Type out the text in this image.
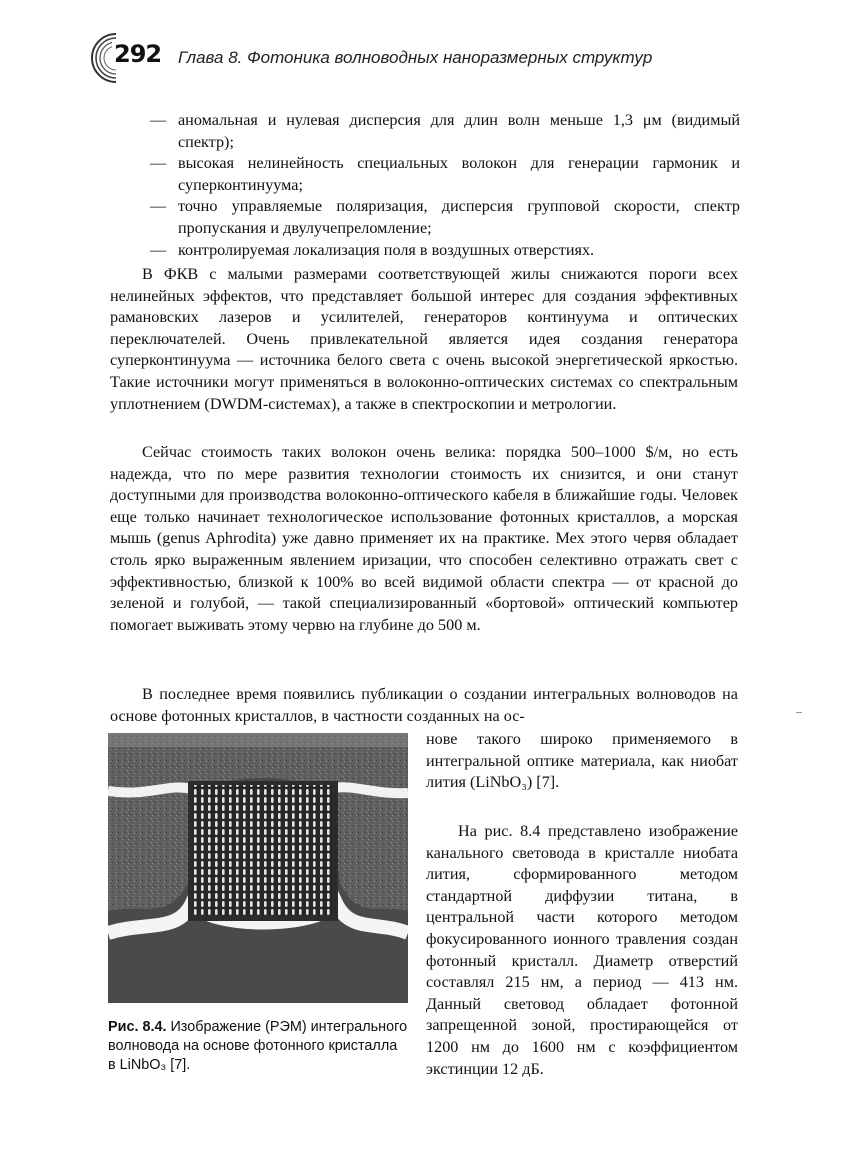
292 Глава 8. Фотоника волноводных наноразмерных структур
— аномальная и нулевая дисперсия для длин волн меньше 1,3 μм (видимый спектр);
— высокая нелинейность специальных волокон для генерации гармоник и суперконтинуума;
— точно управляемые поляризация, дисперсия групповой скорости, спектр пропускания и двулучепреломление;
— контролируемая локализация поля в воздушных отверстиях.
В ФКВ с малыми размерами соответствующей жилы снижаются пороги всех нелинейных эффектов, что представляет большой интерес для создания эффективных рамановских лазеров и усилителей, генераторов континуума и оптических переключателей. Очень привлекательной является идея создания генератора суперконтинуума — источника белого света с очень высокой энергетической яркостью. Такие источники могут применяться в волоконно-оптических системах со спектральным уплотнением (DWDM-системах), а также в спектроскопии и метрологии.
Сейчас стоимость таких волокон очень велика: порядка 500–1000 $/м, но есть надежда, что по мере развития технологии стоимость их снизится, и они станут доступными для производства волоконно-оптического кабеля в ближайшие годы. Человек еще только начинает технологическое использование фотонных кристаллов, а морская мышь (genus Aphrodita) уже давно применяет их на практике. Мех этого червя обладает столь ярко выраженным явлением иризации, что способен селективно отражать свет с эффективностью, близкой к 100% во всей видимой области спектра — от красной до зеленой и голубой, — такой специализированный «бортовой» оптический компьютер помогает выживать этому червю на глубине до 500 м.
В последнее время появились публикации о создании интегральных волноводов на основе фотонных кристаллов, в частности созданных на ос-
нове такого широко применяемого в интегральной оптике материала, как ниобат лития (LiNbO₃) [7].
На рис. 8.4 представлено изображение канального световода в кристалле ниобата лития, сформированного методом стандартной диффузии титана, в центральной части которого методом фокусированного ионного травления создан фотонный кристалл. Диаметр отверстий составлял 215 нм, а период — 413 нм. Данный световод обладает фотонной запрещенной зоной, простирающейся от 1200 нм до 1600 нм с коэффициентом экстинции 12 дБ.
Рис. 8.4. Изображение (РЭМ) интегрального волновода на основе фотонного кристалла в LiNbO₃ [7].
